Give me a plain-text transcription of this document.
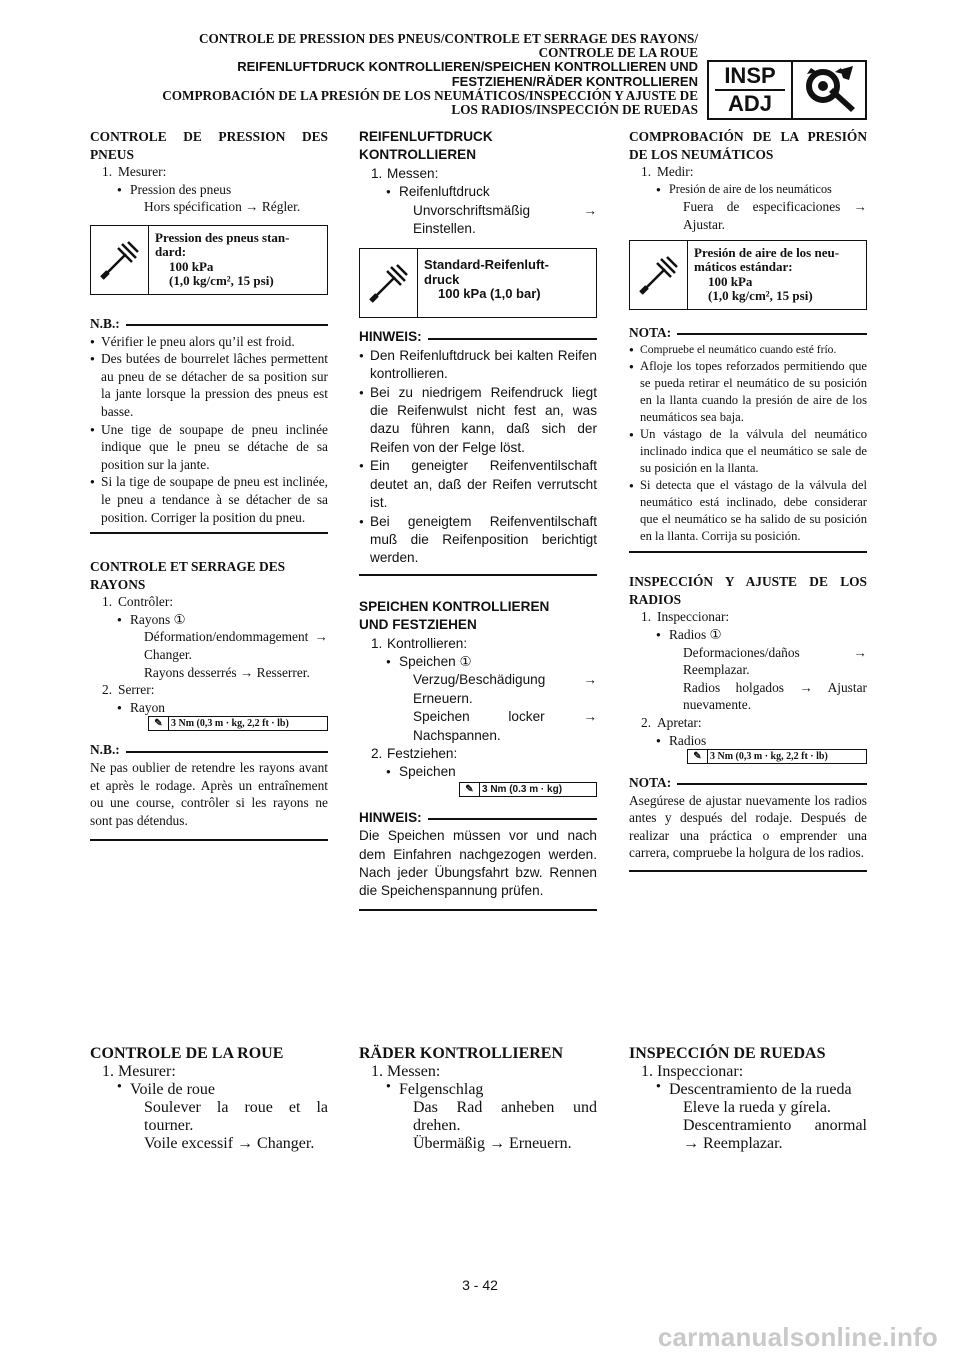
CONTROLE DE PRESSION DES PNEUS/CONTROLE ET SERRAGE DES RAYONS/
CONTROLE DE LA ROUE
REIFENLUFTDRUCK KONTROLLIEREN/SPEICHEN KONTROLLIEREN UND
FESTZIEHEN/RÄDER KONTROLLIEREN
COMPROBACIÓN DE LA PRESIÓN DE LOS NEUMÁTICOS/INSPECCIÓN Y AJUSTE DE
LOS RADIOS/INSPECCIÓN DE RUEDAS
INSP
ADJ
CONTROLE DE PRESSION DES PNEUS
1. Mesurer:
● Pression des pneus
Hors spécification → Régler.
Pression des pneus stan-
dard:
100 kPa
(1,0 kg/cm², 15 psi)
N.B.:
● Vérifier le pneu alors qu’il est froid.
● Des butées de bourrelet lâches permettent au pneu de se détacher de sa position sur la jante lorsque la pression des pneus est basse.
● Une tige de soupape de pneu inclinée indique que le pneu se détache de sa position sur la jante.
● Si la tige de soupape de pneu est inclinée, le pneu a tendance à se détacher de sa position. Corriger la position du pneu.
CONTROLE ET SERRAGE DES RAYONS
1. Contrôler:
● Rayons ①
Déformation/endommagement → Changer.
Rayons desserrés → Resserrer.
2. Serrer:
● Rayon
✎ 3 Nm (0,3 m · kg, 2,2 ft · lb)
N.B.:
Ne pas oublier de retendre les rayons avant et après le rodage. Après un entraînement ou une course, contrôler si les rayons ne sont pas détendus.
REIFENLUFTDRUCK KONTROLLIEREN
1. Messen:
● Reifenluftdruck
Unvorschriftsmäßig → Einstellen.
Standard-Reifenluft-
druck
100 kPa (1,0 bar)
HINWEIS:
● Den Reifenluftdruck bei kalten Reifen kontrollieren.
● Bei zu niedrigem Reifendruck liegt die Reifenwulst nicht fest an, was dazu führen kann, daß sich der Reifen von der Felge löst.
● Ein geneigter Reifenventilschaft deutet an, daß der Reifen verrutscht ist.
● Bei geneigtem Reifenventilschaft muß die Reifenposition berichtigt werden.
SPEICHEN KONTROLLIEREN UND FESTZIEHEN
1. Kontrollieren:
● Speichen ①
Verzug/Beschädigung → Erneuern.
Speichen locker → Nachspannen.
2. Festziehen:
● Speichen
✎ 3 Nm (0.3 m · kg)
HINWEIS:
Die Speichen müssen vor und nach dem Einfahren nachgezogen werden. Nach jeder Übungsfahrt bzw. Rennen die Speichenspannung prüfen.
COMPROBACIÓN DE LA PRESIÓN DE LOS NEUMÁTICOS
1. Medir:
● Presión de aire de los neumáticos
Fuera de especificaciones → Ajustar.
Presión de aire de los neu-
máticos estándar:
100 kPa
(1,0 kg/cm², 15 psi)
NOTA:
● Compruebe el neumático cuando esté frío.
● Afloje los topes reforzados permitiendo que se pueda retirar el neumático de su posición en la llanta cuando la presión de aire de los neumáticos sea baja.
● Un vástago de la válvula del neumático inclinado indica que el neumático se sale de su posición en la llanta.
● Si detecta que el vástago de la válvula del neumático está inclinado, debe considerar que el neumático se ha salido de su posición en la llanta. Corrija su posición.
INSPECCIÓN Y AJUSTE DE LOS RADIOS
1. Inspeccionar:
● Radios ①
Deformaciones/daños → Reemplazar.
Radios holgados → Ajustar nuevamente.
2. Apretar:
● Radios
✎ 3 Nm (0,3 m · kg, 2,2 ft · lb)
NOTA:
Asegúrese de ajustar nuevamente los radios antes y después del rodaje. Después de realizar una práctica o emprender una carrera, compruebe la holgura de los radios.
CONTROLE DE LA ROUE
1. Mesurer:
● Voile de roue
Soulever la roue et la tourner.
Voile excessif → Changer.
RÄDER KONTROLLIEREN
1. Messen:
● Felgenschlag
Das Rad anheben und drehen.
Übermäßig → Erneuern.
INSPECCIÓN DE RUEDAS
1. Inspeccionar:
● Descentramiento de la rueda
Eleve la rueda y gírela.
Descentramiento anormal → Reemplazar.
3 - 42
carmanualsonline.info
